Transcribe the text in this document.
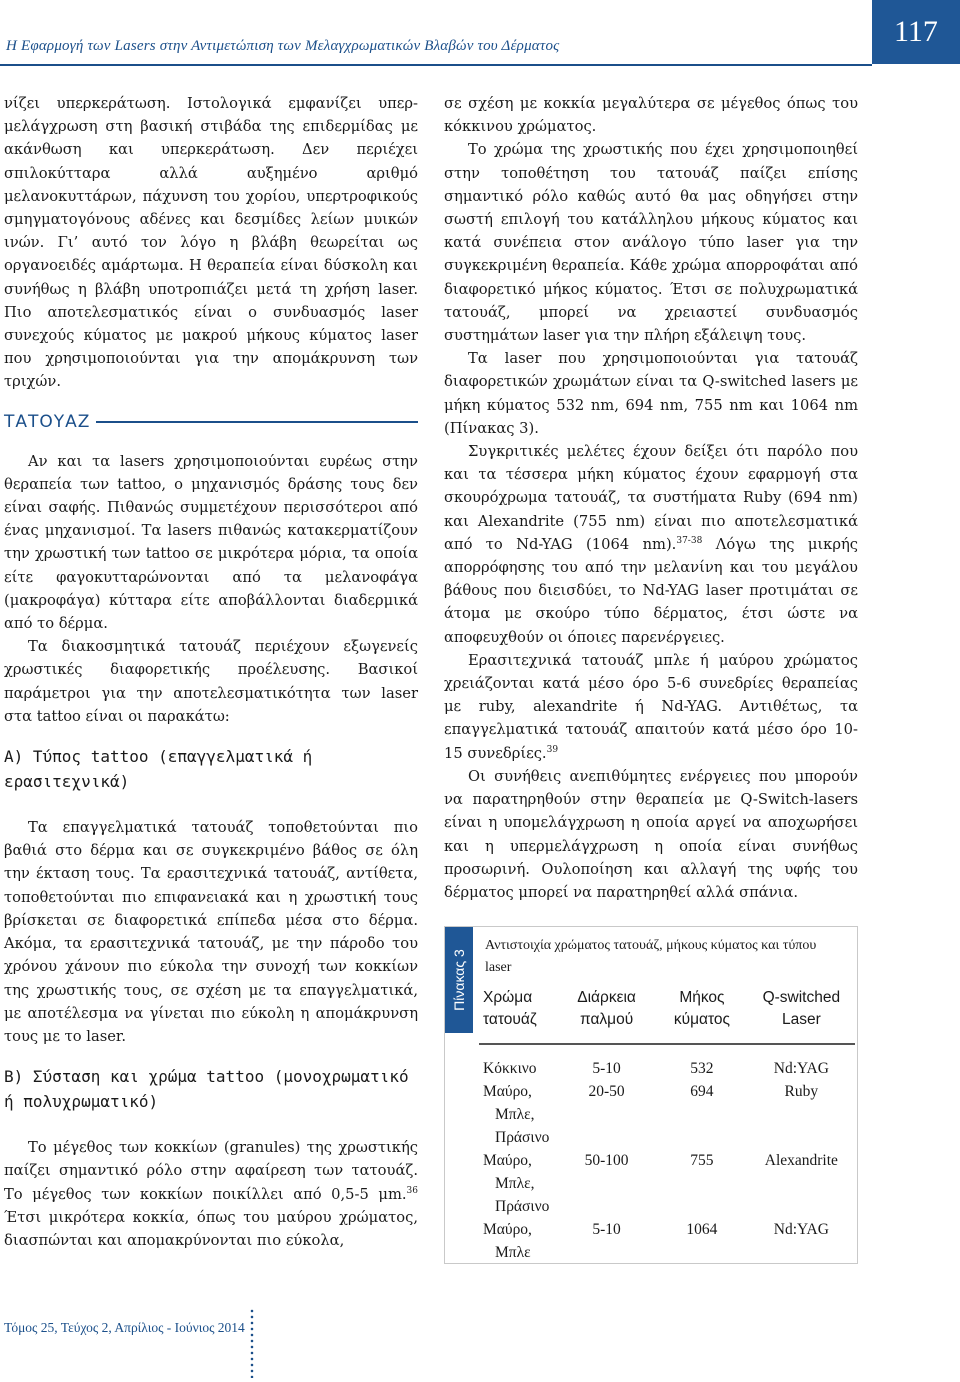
Η Εφαρμογή των Lasers στην Αντιμετώπιση των Μελαγχρωματικών Βλαβών του Δέρματος	117

νίζει υπερκεράτωση. Ιστολογικά εμφανίζει υπερ-μελάγχρωση στη βασική στιβάδα της επιδερμίδας με ακάνθωση και υπερκεράτωση. Δεν περιέχει σπιλοκύτταρα αλλά αυξημένο αριθμό μελανοκυττάρων, πάχυνση του χορίου, υπερτροφικούς σμηγματογόνους αδένες και δεσμίδες λείων μυικών ινών. Γι’ αυτό τον λόγο η βλάβη θεωρείται ως οργανοειδές αμάρτωμα. Η θεραπεία είναι δύσκολη και συνήθως η βλάβη υποτροπιάζει μετά τη χρήση laser. Πιο αποτελεσματικός είναι ο συνδυασμός laser συνεχούς κύματος με μακρού μήκους κύματος laser που χρησιμοποιούνται για την απομάκρυνση των τριχών.

ΤΑΤΟΥΑΖ

Αν και τα lasers χρησιμοποιούνται ευρέως στην θεραπεία των tattoo, ο μηχανισμός δράσης τους δεν είναι σαφής. Πιθανώς συμμετέχουν περισσότεροι από ένας μηχανισμοί. Τα lasers πιθανώς κατακερματίζουν την χρωστική των tattoo σε μικρότερα μόρια, τα οποία είτε φαγοκυτταρώνονται από τα μελανοφάγα (μακροφάγα) κύτταρα είτε αποβάλλονται διαδερμικά από το δέρμα.

Τα διακοσμητικά τατουάζ περιέχουν εξωγενείς χρωστικές διαφορετικής προέλευσης. Βασικοί παράμετροι για την αποτελεσματικότητα των laser στα tattoo είναι οι παρακάτω:

Α) Τύπος tattoo (επαγγελματικά ή ερασιτεχνικά)

Τα επαγγελματικά τατουάζ τοποθετούνται πιο βαθιά στο δέρμα και σε συγκεκριμένο βάθος σε όλη την έκταση τους. Τα ερασιτεχνικά τατουάζ, αντίθετα, τοποθετούνται πιο επιφανειακά και η χρωστική τους βρίσκεται σε διαφορετικά επίπεδα μέσα στο δέρμα. Ακόμα, τα ερασιτεχνικά τατουάζ, με την πάροδο του χρόνου χάνουν πιο εύκολα την συνοχή των κοκκίων της χρωστικής τους, σε σχέση με τα επαγγελματικά, με αποτέλεσμα να γίνεται πιο εύκολη η απομάκρυνση τους με το laser.

Β) Σύσταση και χρώμα tattoo (μονοχρωματικό ή πολυχρωματικό)

Το μέγεθος των κοκκίων (granules) της χρωστικής παίζει σημαντικό ρόλο στην αφαίρεση των τατουάζ. Το μέγεθος των κοκκίων ποικίλλει από 0,5-5 μm.$^{36}$ Έτσι μικρότερα κοκκία, όπως του μαύρου χρώματος, διασπώνται και απομακρύνονται πιο εύκολα,

σε σχέση με κοκκία μεγαλύτερα σε μέγεθος όπως του κόκκινου χρώματος.

Το χρώμα της χρωστικής που έχει χρησιμοποιηθεί στην τοποθέτηση του τατουάζ παίζει επίσης σημαντικό ρόλο καθώς αυτό θα μας οδηγήσει στην σωστή επιλογή του κατάλληλου μήκους κύματος και κατά συνέπεια στον ανάλογο τύπο laser για την συγκεκριμένη θεραπεία. Κάθε χρώμα απορροφάται από διαφορετικό μήκος κύματος. Έτσι σε πολυχρωματικά τατουάζ, μπορεί να χρειαστεί συνδυασμός συστημάτων laser για την πλήρη εξάλειψη τους.

Τα laser που χρησιμοποιούνται για τατουάζ διαφορετικών χρωμάτων είναι τα Q-switched lasers με μήκη κύματος 532 nm, 694 nm, 755 nm και 1064 nm (Πίνακας 3).

Συγκριτικές μελέτες έχουν δείξει ότι παρόλο που και τα τέσσερα μήκη κύματος έχουν εφαρμογή στα σκουρόχρωμα τατουάζ, τα συστήματα Ruby (694 nm) και Alexandrite (755 nm) είναι πιο αποτελεσματικά από το Nd-YAG (1064 nm).$^{37-38}$ Λόγω της μικρής απορρόφησης του από την μελανίνη και του μεγάλου βάθους που διεισδύει, το Nd-YAG laser προτιμάται σε άτομα με σκούρο τύπο δέρματος, έτσι ώστε να αποφευχθούν οι όποιες παρενέργειες.

Ερασιτεχνικά τατουάζ μπλε ή μαύρου χρώματος χρειάζονται κατά μέσο όρο 5-6 συνεδρίες θεραπείας με ruby, alexandrite ή Nd-YAG. Αντιθέτως, τα επαγγελματικά τατουάζ απαιτούν κατά μέσο όρο 10-15 συνεδρίες.$^{39}$

Οι συνήθεις ανεπιθύμητες ενέργειες που μπορούν να παρατηρηθούν στην θεραπεία με Q-Switch-lasers είναι η υπομελάγχρωση η οποία αργεί να αποχωρήσει και η υπερμελάγχρωση η οποία είναι συνήθως προσωρινή. Ουλοποίηση και αλλαγή της υφής του δέρματος μπορεί να παρατηρηθεί αλλά σπάνια.

Πίνακας 3
Αντιστοιχία χρώματος τατουάζ, μήκους κύματος και τύπου laser
Χρώμα τατουάζ	Διάρκεια παλμού	Μήκος κύματος	Q-switched Laser

Κόκκινο	5-10	532	Nd:YAG

Μαύρο,
Μπλε,
Πράσινο	20-50	694	Ruby

Μαύρο,
Μπλε,
Πράσινο	50-100	755	Alexandrite

Μαύρο,
Μπλε	5-10	1064	Nd:YAG
Τόμος 25, Τεύχος 2, Απρίλιος - Ιούνιος 2014
